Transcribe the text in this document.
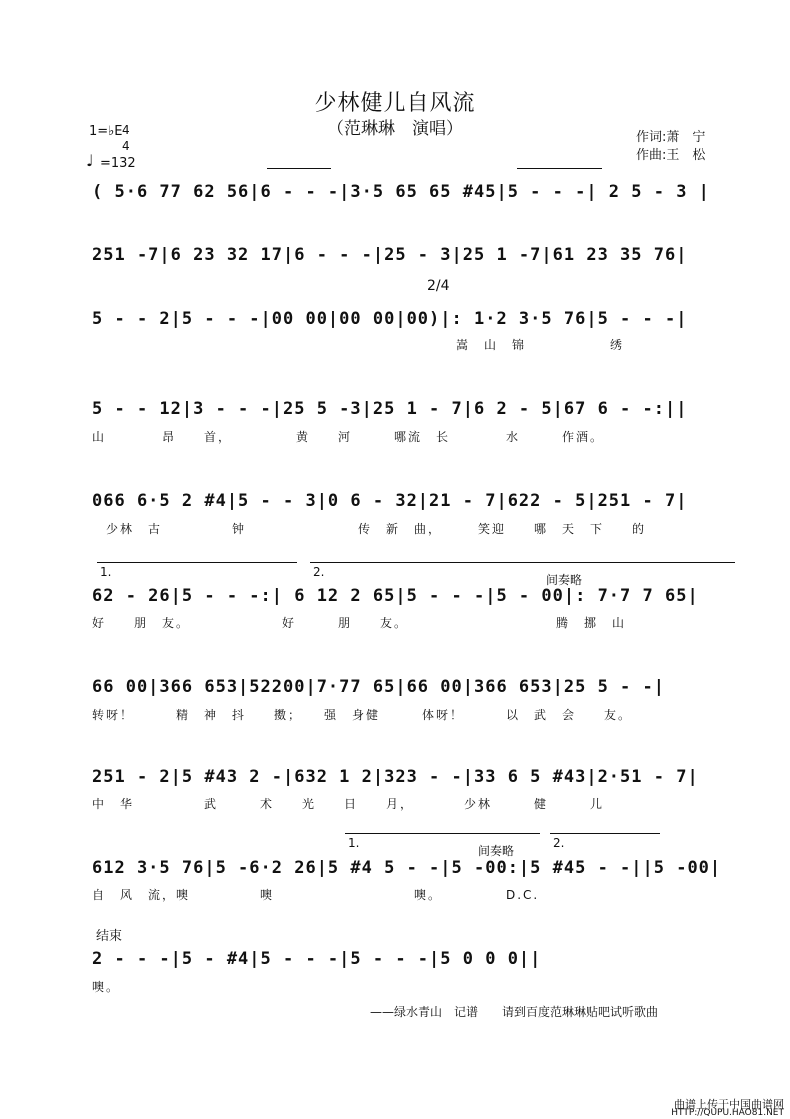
少林健儿自风流
（范琳琳　演唱）
1=♭E 4
4
♩ =132
作词:萧　宁
作曲:王　松
2/4
( 5·6 77 62 56|6 - - -|3·5 65 65 #45|5 - - -| 2 5 - 3 |
251 -7|6 23 32 17|6 - - -|25 - 3|25 1 -7|61 23 35 76|
5 - - 2|5 - - -|00 00|00 00|00)|: 1·2 3·5 76|5 - - -|
　　　　　　　　　　　　　　　　　　　　　　　　　　嵩　山　锦　　　　　　绣
5 - - 12|3 - - -|25 5 -3|25 1 - 7|6 2 - 5|67 6 - -:||
山　　　　昂　　首，　　　　　黄　　河　　　哪流　长　　　　水　　　作酒。
066 6·5 2 #4|5 - - 3|0 6 - 32|21 - 7|622 - 5|251 - 7|
　少林　古　　　　　钟　　　　　　　　传　新　曲，　　　笑迎　　哪　天　下　　的
62 - 26|5 - - -:| 6 12 2 65|5 - - -|5 - 00|: 7·7 7 65|
好　　朋　友。　　　　　　　好　　　朋　　友。　　　　　　　　　　　腾　挪　山
66 00|366 653|52200|7·77 65|66 00|366 653|25 5 - -|
转呀！　　　精　神　抖　　擞；　　强　身健　　　体呀！　　　以　武　会　　友。
251 - 2|5 #43 2 -|632 1 2|323 - -|33 6 5 #43|2·51 - 7|
中　华　　　　　武　　　术　　光　　日　　月，　　　　少林　　　健　　　儿
612 3·5 76|5 -6·2 26|5 #4 5 - -|5 -00:|5 #45 - -||5 -00|
自　风　流，噢　　　　　噢　　　　　　　　　　噢。　　　　　D.C.
2 - - -|5 - #4|5 - - -|5 - - -|5 0 0 0||
噢。
1.	2.
间奏略
1.
间奏略
2.
结束
——绿水青山　记谱　　请到百度范琳琳贴吧试听歌曲
曲谱上传于中国曲谱网
HTTP://QUPU.HAO81.NET
